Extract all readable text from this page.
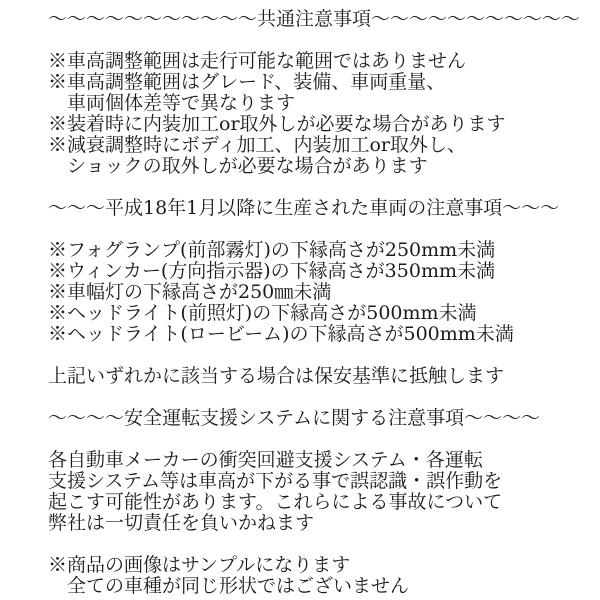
～～～～～～～～～～～共通注意事項～～～～～～～～～～～
※車高調整範囲は走行可能な範囲ではありません
※車高調整範囲はグレード、装備、車両重量、
　車両個体差等で異なります
※装着時に内装加工or取外しが必要な場合があります
※減衰調整時にボディ加工、内装加工or取外し、
　ショックの取外しが必要な場合があります
～～～平成18年1月以降に生産された車両の注意事項～～～
※フォグランプ(前部霧灯)の下縁高さが250mm未満
※ウィンカー(方向指示器)の下縁高さが350mm未満
※車幅灯の下縁高さが250㎜未満
※ヘッドライト(前照灯)の下縁高さが500mm未満
※ヘッドライト(ロービーム)の下縁高さが500mm未満
上記いずれかに該当する場合は保安基準に抵触します
～～～～安全運転支援システムに関する注意事項～～～～
各自動車メーカーの衝突回避支援システム・各運転
支援システム等は車高が下がる事で誤認識・誤作動を
起こす可能性があります。これらによる事故について
弊社は一切責任を負いかねます
※商品の画像はサンプルになります
　全ての車種が同じ形状ではございません
